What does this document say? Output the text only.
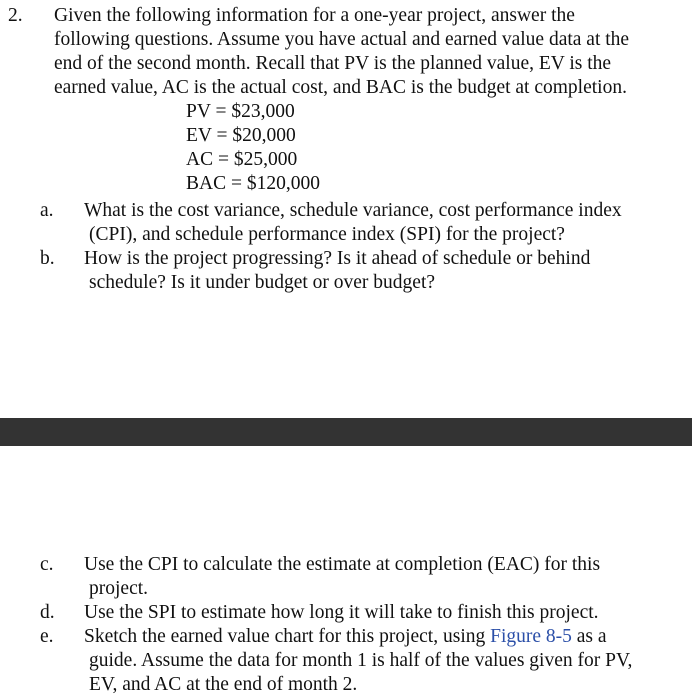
2. Given the following information for a one-year project, answer the
following questions. Assume you have actual and earned value data at the
end of the second month. Recall that PV is the planned value, EV is the
earned value, AC is the actual cost, and BAC is the budget at completion.
PV = $23,000
EV = $20,000
AC = $25,000
BAC = $120,000
a. What is the cost variance, schedule variance, cost performance index
(CPI), and schedule performance index (SPI) for the project?
b. How is the project progressing? Is it ahead of schedule or behind
schedule? Is it under budget or over budget?
c. Use the CPI to calculate the estimate at completion (EAC) for this
project.
d. Use the SPI to estimate how long it will take to finish this project.
e. Sketch the earned value chart for this project, using Figure 8-5 as a
guide. Assume the data for month 1 is half of the values given for PV,
EV, and AC at the end of month 2.
